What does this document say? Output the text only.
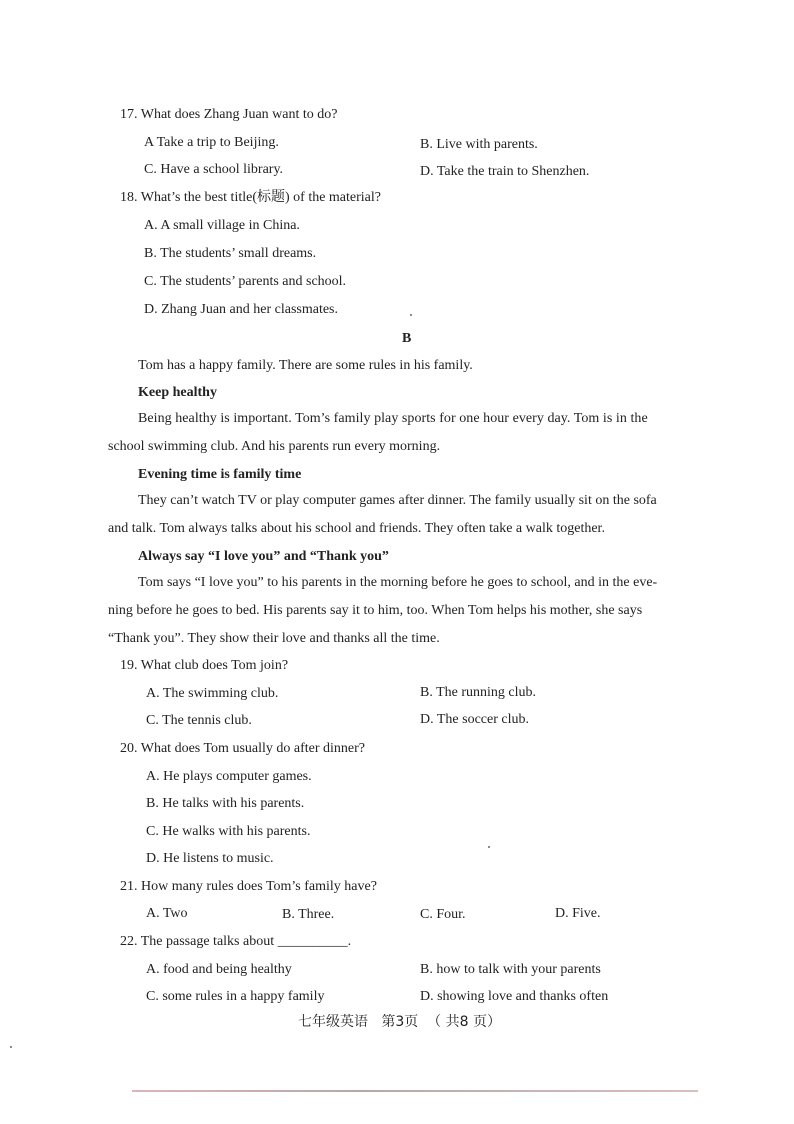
17. What does Zhang Juan want to do?
A Take a trip to Beijing.	B. Live with parents.
C. Have a school library.	D. Take the train to Shenzhen.
18. What’s the best title(标题) of the material?
A. A small village in China.
B. The students’ small dreams.
C. The students’ parents and school.
D. Zhang Juan and her classmates.
B
Tom has a happy family. There are some rules in his family.
Keep healthy
Being healthy is important. Tom’s family play sports for one hour every day. Tom is in the
school swimming club. And his parents run every morning.
Evening time is family time
They can’t watch TV or play computer games after dinner. The family usually sit on the sofa
and talk. Tom always talks about his school and friends. They often take a walk together.
Always say “I love you” and “Thank you”
Tom says “I love you” to his parents in the morning before he goes to school, and in the eve-
ning before he goes to bed. His parents say it to him, too. When Tom helps his mother, she says
“Thank you”. They show their love and thanks all the time.
19. What club does Tom join?
A. The swimming club.	B. The running club.
C. The tennis club.	D. The soccer club.
20. What does Tom usually do after dinner?
A. He plays computer games.
B. He talks with his parents.
C. He walks with his parents.
D. He listens to music.
21. How many rules does Tom’s family have?
A. Two	B. Three.	C. Four.	D. Five.
22. The passage talks about __________.
A. food and being healthy	B. how to talk with your parents
C. some rules in a happy family	D. showing love and thanks often
七年级英语   第3页  （ 共8 页）
